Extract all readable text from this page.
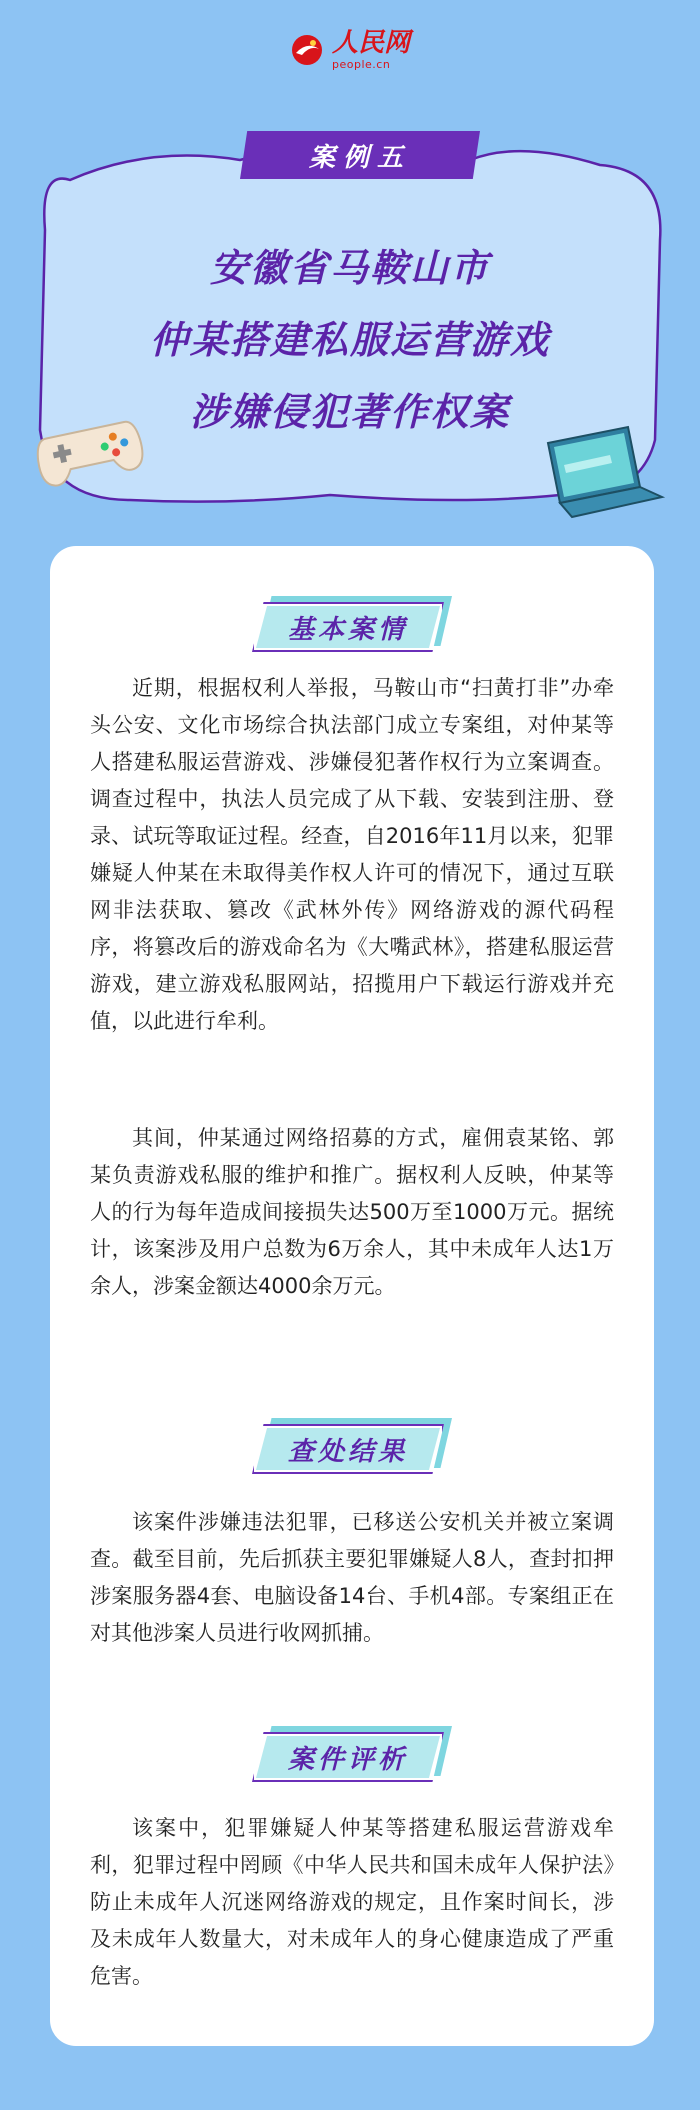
人民网
people.cn
案例五
安徽省马鞍山市
仲某搭建私服运营游戏
涉嫌侵犯著作权案
基本案情

近期，根据权利人举报，马鞍山市“扫黄打非”办牵头公安、文化市场综合执法部门成立专案组，对仲某等人搭建私服运营游戏、涉嫌侵犯著作权行为立案调查。调查过程中，执法人员完成了从下载、安装到注册、登录、试玩等取证过程。经查，自2016年11月以来，犯罪嫌疑人仲某在未取得美作权人许可的情况下，通过互联网非法获取、篡改《武林外传》网络游戏的源代码程序，将篡改后的游戏命名为《大嘴武林》，搭建私服运营游戏，建立游戏私服网站，招揽用户下载运行游戏并充值，以此进行牟利。

其间，仲某通过网络招募的方式，雇佣袁某铭、郭某负责游戏私服的维护和推广。据权利人反映，仲某等人的行为每年造成间接损失达500万至1000万元。据统计，该案涉及用户总数为6万余人，其中未成年人达1万余人，涉案金额达4000余万元。

查处结果

该案件涉嫌违法犯罪，已移送公安机关并被立案调查。截至目前，先后抓获主要犯罪嫌疑人8人，查封扣押涉案服务器4套、电脑设备14台、手机4部。专案组正在对其他涉案人员进行收网抓捕。

案件评析

该案中，犯罪嫌疑人仲某等搭建私服运营游戏牟利，犯罪过程中罔顾《中华人民共和国未成年人保护法》防止未成年人沉迷网络游戏的规定，且作案时间长，涉及未成年人数量大，对未成年人的身心健康造成了严重危害。
